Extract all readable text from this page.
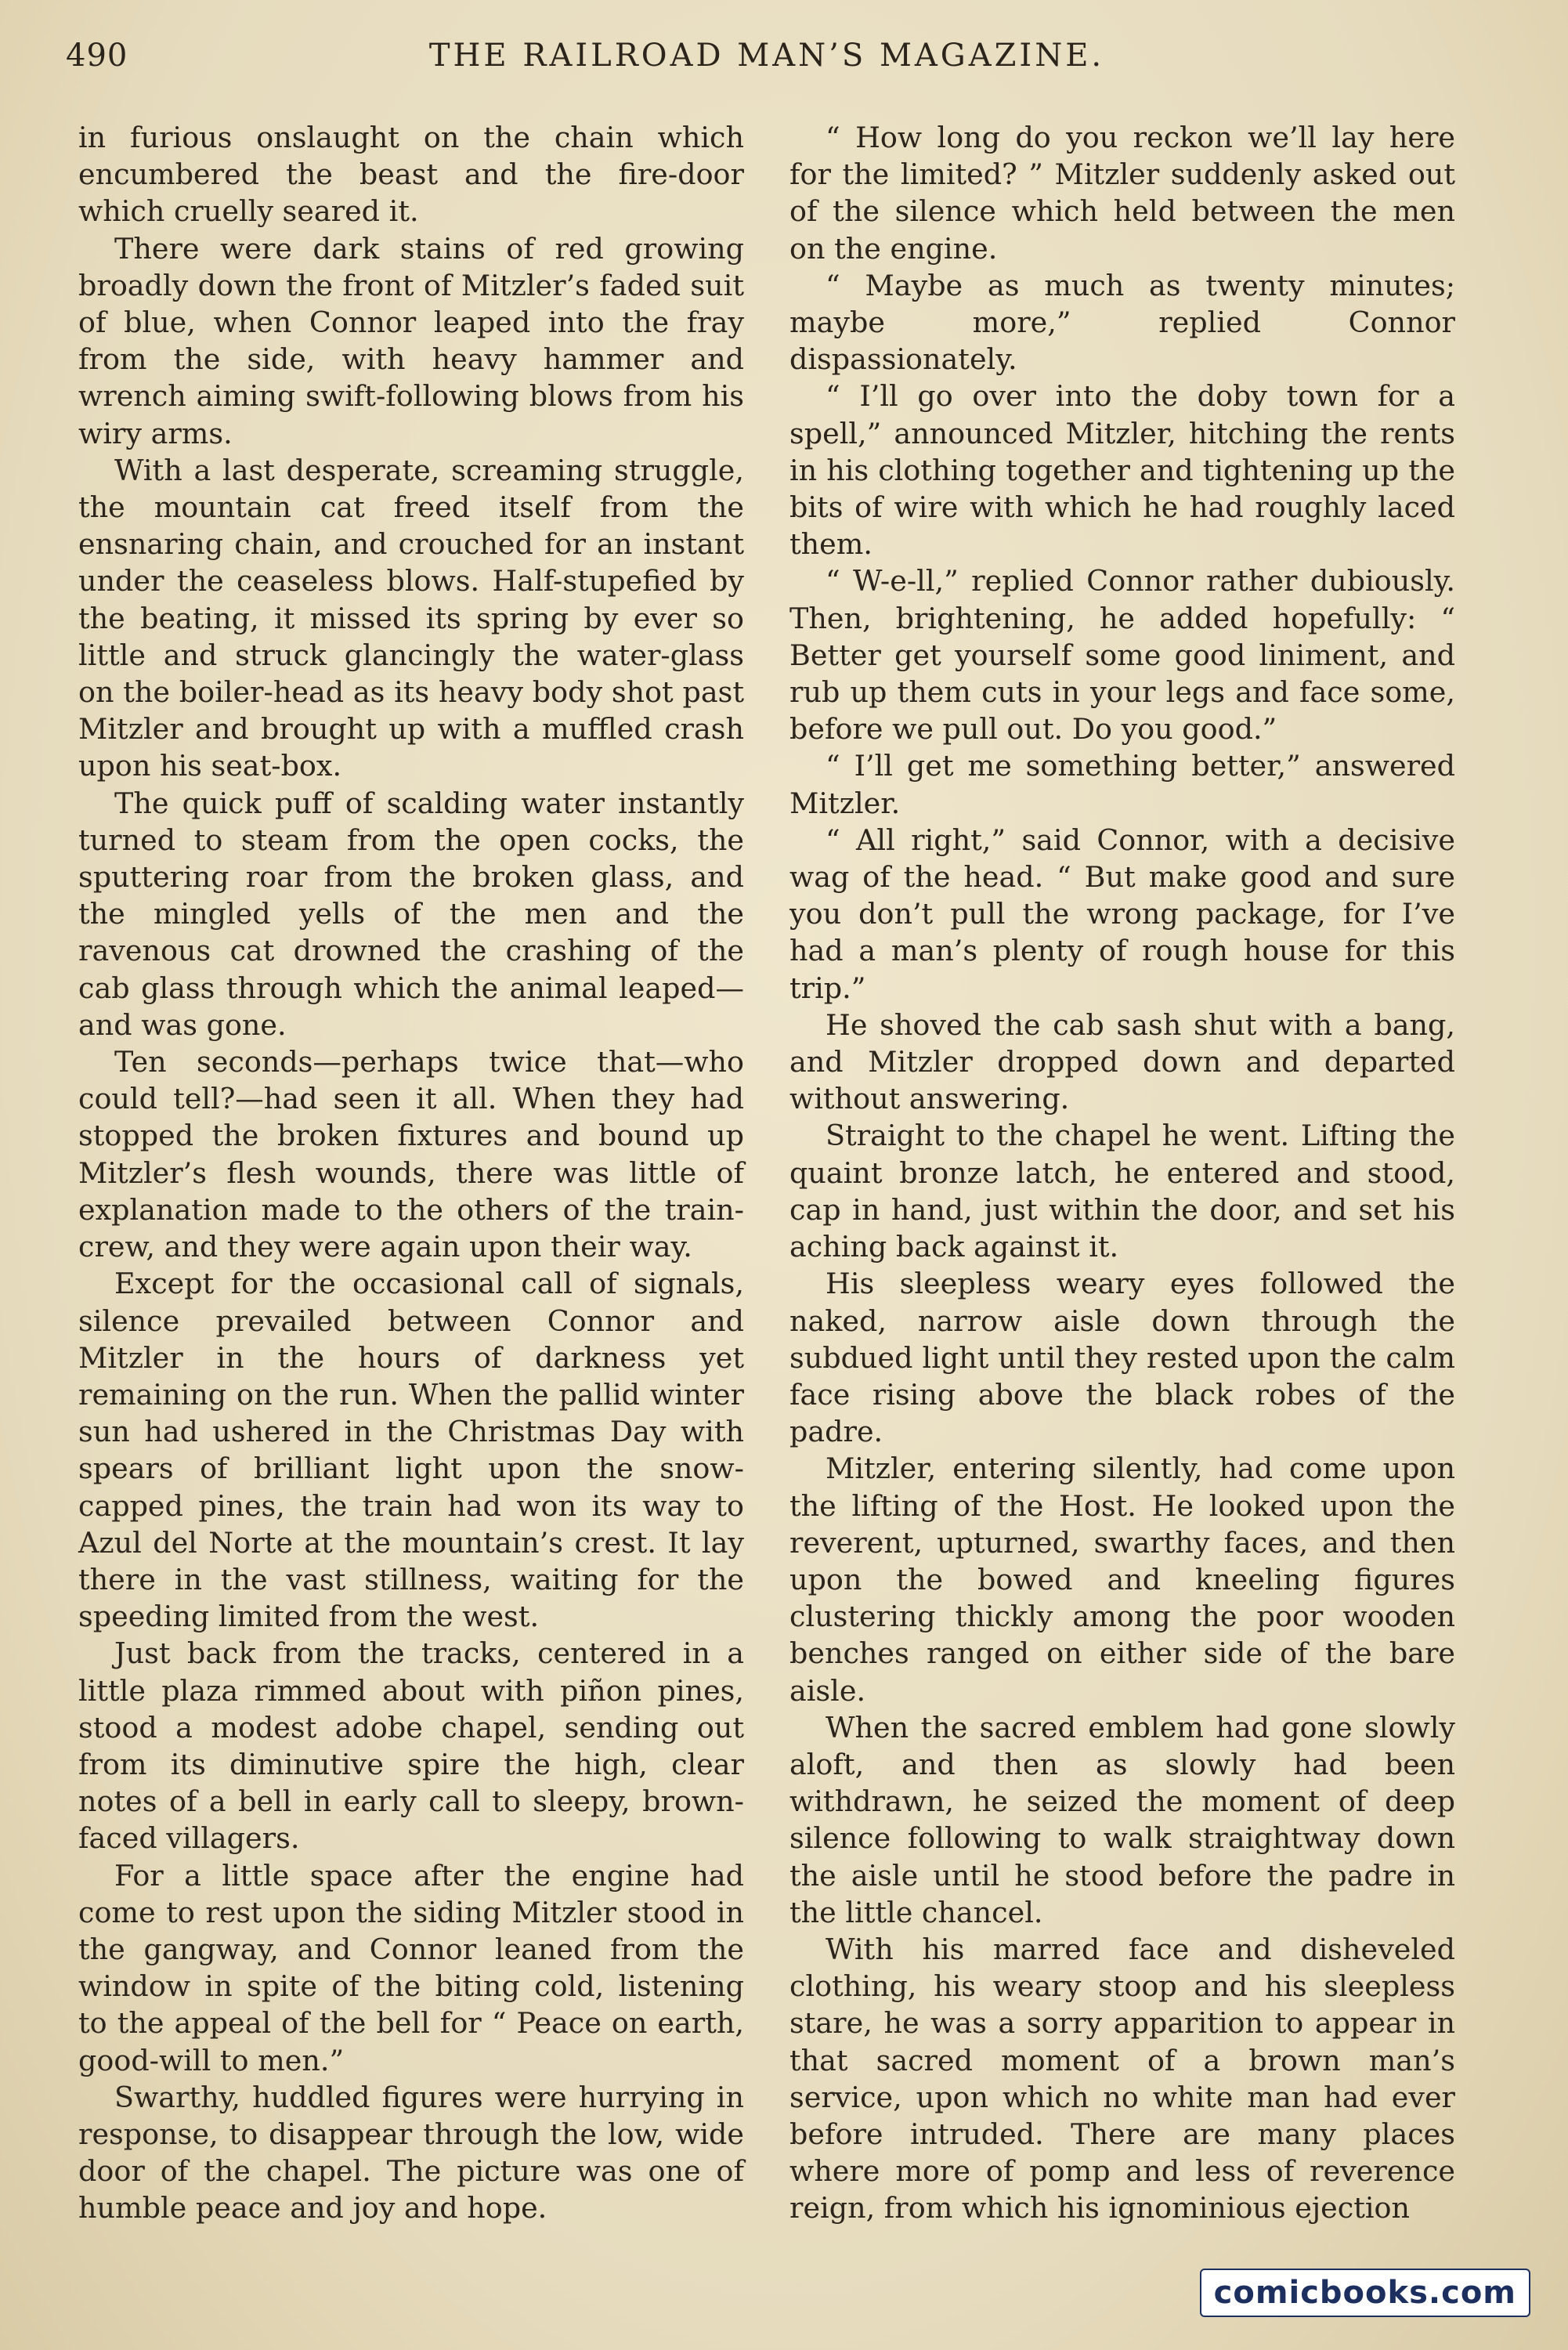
490	THE RAILROAD MAN’S MAGAZINE.

in furious onslaught on the chain which encumbered the beast and the fire-door which cruelly seared it.

There were dark stains of red growing broadly down the front of Mitzler’s faded suit of blue, when Connor leaped into the fray from the side, with heavy hammer and wrench aiming swift-following blows from his wiry arms.

With a last desperate, screaming struggle, the mountain cat freed itself from the ensnaring chain, and crouched for an instant under the ceaseless blows. Half-stupefied by the beating, it missed its spring by ever so little and struck glancingly the water-glass on the boiler-head as its heavy body shot past Mitzler and brought up with a muffled crash upon his seat-box.

The quick puff of scalding water instantly turned to steam from the open cocks, the sputtering roar from the broken glass, and the mingled yells of the men and the ravenous cat drowned the crashing of the cab glass through which the animal leaped—and was gone.

Ten seconds—perhaps twice that—who could tell?—had seen it all. When they had stopped the broken fixtures and bound up Mitzler’s flesh wounds, there was little of explanation made to the others of the train-crew, and they were again upon their way.

Except for the occasional call of signals, silence prevailed between Connor and Mitzler in the hours of darkness yet remaining on the run. When the pallid winter sun had ushered in the Christmas Day with spears of brilliant light upon the snow-capped pines, the train had won its way to Azul del Norte at the mountain’s crest. It lay there in the vast stillness, waiting for the speeding limited from the west.

Just back from the tracks, centered in a little plaza rimmed about with piñon pines, stood a modest adobe chapel, sending out from its diminutive spire the high, clear notes of a bell in early call to sleepy, brown-faced villagers.

For a little space after the engine had come to rest upon the siding Mitzler stood in the gangway, and Connor leaned from the window in spite of the biting cold, listening to the appeal of the bell for “ Peace on earth, good-will to men.”

Swarthy, huddled figures were hurrying in response, to disappear through the low, wide door of the chapel. The picture was one of humble peace and joy and hope.

“ How long do you reckon we’ll lay here for the limited? ” Mitzler suddenly asked out of the silence which held between the men on the engine.

“ Maybe as much as twenty minutes; maybe more,” replied Connor dispassionately.

“ I’ll go over into the doby town for a spell,” announced Mitzler, hitching the rents in his clothing together and tightening up the bits of wire with which he had roughly laced them.

“ W-e-ll,” replied Connor rather dubiously. Then, brightening, he added hopefully: “ Better get yourself some good liniment, and rub up them cuts in your legs and face some, before we pull out. Do you good.”

“ I’ll get me something better,” answered Mitzler.

“ All right,” said Connor, with a decisive wag of the head. “ But make good and sure you don’t pull the wrong package, for I’ve had a man’s plenty of rough house for this trip.”

He shoved the cab sash shut with a bang, and Mitzler dropped down and departed without answering.

Straight to the chapel he went. Lifting the quaint bronze latch, he entered and stood, cap in hand, just within the door, and set his aching back against it.

His sleepless weary eyes followed the naked, narrow aisle down through the subdued light until they rested upon the calm face rising above the black robes of the padre.

Mitzler, entering silently, had come upon the lifting of the Host. He looked upon the reverent, upturned, swarthy faces, and then upon the bowed and kneeling figures clustering thickly among the poor wooden benches ranged on either side of the bare aisle.

When the sacred emblem had gone slowly aloft, and then as slowly had been withdrawn, he seized the moment of deep silence following to walk straightway down the aisle until he stood before the padre in the little chancel.

With his marred face and disheveled clothing, his weary stoop and his sleepless stare, he was a sorry apparition to appear in that sacred moment of a brown man’s service, upon which no white man had ever before intruded. There are many places where more of pomp and less of reverence reign, from which his ignominious ejection

comicbooks.com
